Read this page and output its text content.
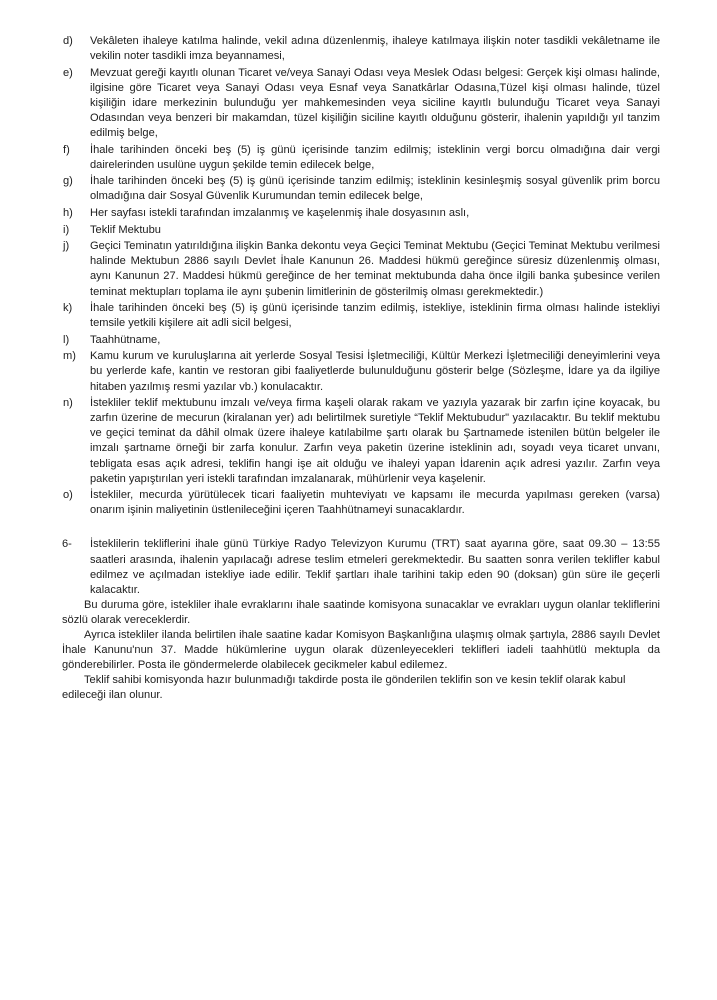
d)	Vekâleten ihaleye katılma halinde, vekil adına düzenlenmiş, ihaleye katılmaya ilişkin noter tasdikli vekâletname ile vekilin noter tasdikli imza beyannamesi,
e)	Mevzuat gereği kayıtlı olunan Ticaret ve/veya Sanayi Odası veya Meslek Odası belgesi: Gerçek kişi olması halinde, ilgisine göre Ticaret veya Sanayi Odası veya Esnaf veya Sanatkârlar Odasına,Tüzel kişi olması halinde, tüzel kişiliğin idare merkezinin bulunduğu yer mahkemesinden veya siciline kayıtlı bulunduğu Ticaret veya Sanayi Odasından veya benzeri bir makamdan, tüzel kişiliğin siciline kayıtlı olduğunu gösterir, ihalenin yapıldığı yıl tanzim edilmiş belge,
f)	İhale tarihinden önceki beş (5) iş günü içerisinde tanzim edilmiş; isteklinin vergi borcu olmadığına dair vergi dairelerinden usulüne uygun şekilde temin edilecek belge,
g)	İhale tarihinden önceki beş (5) iş günü içerisinde tanzim edilmiş; isteklinin kesinleşmiş sosyal güvenlik prim borcu olmadığına dair Sosyal Güvenlik Kurumundan temin edilecek belge,
h)	Her sayfası istekli tarafından imzalanmış ve kaşelenmiş ihale dosyasının aslı,
i)	Teklif Mektubu
j)	Geçici Teminatın yatırıldığına ilişkin Banka dekontu veya Geçici Teminat Mektubu (Geçici Teminat Mektubu verilmesi halinde Mektubun 2886 sayılı Devlet İhale Kanunun 26. Maddesi hükmü gereğince süresiz düzenlenmiş olması, aynı Kanunun 27. Maddesi hükmü gereğince de her teminat mektubunda daha önce ilgili banka şubesince verilen teminat mektupları toplama ile aynı şubenin limitlerinin de gösterilmiş olması gerekmektedir.)
k)	İhale tarihinden önceki beş (5) iş günü içerisinde tanzim edilmiş, istekliye, isteklinin firma olması halinde istekliyi temsile yetkili kişilere ait adli sicil belgesi,
l)	Taahhütname,
m)	Kamu kurum ve kuruluşlarına ait yerlerde Sosyal Tesisi İşletmeciliği, Kültür Merkezi İşletmeciliği deneyimlerini veya bu yerlerde kafe, kantin ve restoran gibi faaliyetlerde bulunulduğunu gösterir belge (Sözleşme, İdare ya da ilgiliye hitaben yazılmış resmi yazılar vb.) konulacaktır.
n)	İstekliler teklif mektubunu imzalı ve/veya firma kaşeli olarak rakam ve yazıyla yazarak bir zarfın içine koyacak, bu zarfın üzerine de mecurun (kiralanan yer) adı belirtilmek suretiyle “Teklif Mektubudur" yazılacaktır. Bu teklif mektubu ve geçici teminat da dâhil olmak üzere ihaleye katılabilme şartı olarak bu Şartnamede istenilen bütün belgeler ile imzalı şartname örneği bir zarfa konulur. Zarfın veya paketin üzerine isteklinin adı, soyadı veya ticaret unvanı, tebligata esas açık adresi, teklifin hangi işe ait olduğu ve ihaleyi yapan İdarenin açık adresi yazılır. Zarfın veya paketin yapıştırılan yeri istekli tarafından imzalanarak, mühürlenir veya kaşelenir.
o)	İstekliler, mecurda yürütülecek ticari faaliyetin muhteviyatı ve kapsamı ile mecurda yapılması gereken (varsa) onarım işinin maliyetinin üstlenileceğini içeren Taahhütnameyi sunacaklardır.
6-	İsteklilerin tekliflerini ihale günü Türkiye Radyo Televizyon Kurumu (TRT) saat ayarına göre, saat 09.30 – 13:55 saatleri arasında, ihalenin yapılacağı adrese teslim etmeleri gerekmektedir. Bu saatten sonra verilen teklifler kabul edilmez ve açılmadan istekliye iade edilir. Teklif şartları ihale tarihini takip eden 90 (doksan) gün süre ile geçerli kalacaktır.

Bu duruma göre, istekliler ihale evraklarını ihale saatinde komisyona sunacaklar ve evrakları uygun olanlar tekliflerini sözlü olarak vereceklerdir.

Ayrıca istekliler ilanda belirtilen ihale saatine kadar Komisyon Başkanlığına ulaşmış olmak şartıyla, 2886 sayılı Devlet İhale Kanunu'nun 37. Madde hükümlerine uygun olarak düzenleyecekleri teklifleri iadeli taahhütlü mektupla da gönderebilirler. Posta ile göndermelerde olabilecek gecikmeler kabul edilemez.

Teklif sahibi komisyonda hazır bulunmadığı takdirde posta ile gönderilen teklifin son ve kesin teklif olarak kabul edileceği ilan olunur.
